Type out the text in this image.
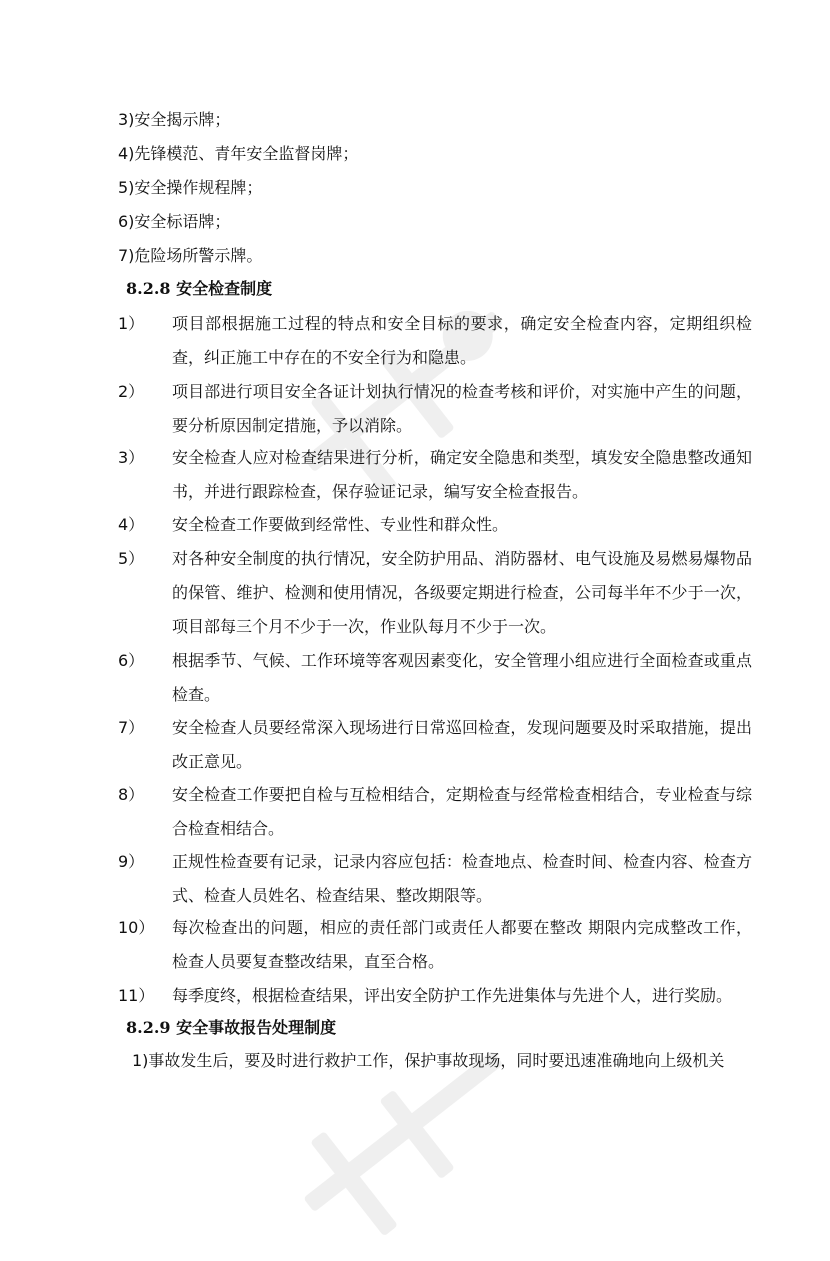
3)安全揭示牌；
4)先锋模范、青年安全监督岗牌；
5)安全操作规程牌；
6)安全标语牌；
7)危险场所警示牌。
8.2.8 安全检查制度
1） 项目部根据施工过程的特点和安全目标的要求，确定安全检查内容，定期组织检查，纠正施工中存在的不安全行为和隐患。
2） 项目部进行项目安全各证计划执行情况的检查考核和评价，对实施中产生的问题，要分析原因制定措施，予以消除。
3） 安全检查人应对检查结果进行分析，确定安全隐患和类型，填发安全隐患整改通知书，并进行跟踪检查，保存验证记录，编写安全检查报告。
4） 安全检查工作要做到经常性、专业性和群众性。
5） 对各种安全制度的执行情况，安全防护用品、消防器材、电气设施及易燃易爆物品的保管、维护、检测和使用情况，各级要定期进行检查，公司每半年不少于一次，项目部每三个月不少于一次，作业队每月不少于一次。
6） 根据季节、气候、工作环境等客观因素变化，安全管理小组应进行全面检查或重点检查。
7） 安全检查人员要经常深入现场进行日常巡回检查，发现问题要及时采取措施，提出改正意见。
8） 安全检查工作要把自检与互检相结合，定期检查与经常检查相结合，专业检查与综合检查相结合。
9） 正规性检查要有记录，记录内容应包括：检查地点、检查时间、检查内容、检查方式、检查人员姓名、检查结果、整改期限等。
10） 每次检查出的问题，相应的责任部门或责任人都要在整改 期限内完成整改工作，检查人员要复查整改结果，直至合格。
11） 每季度终，根据检查结果，评出安全防护工作先进集体与先进个人，进行奖励。
8.2.9 安全事故报告处理制度
1)事故发生后，要及时进行救护工作，保护事故现场，同时要迅速准确地向上级机关
